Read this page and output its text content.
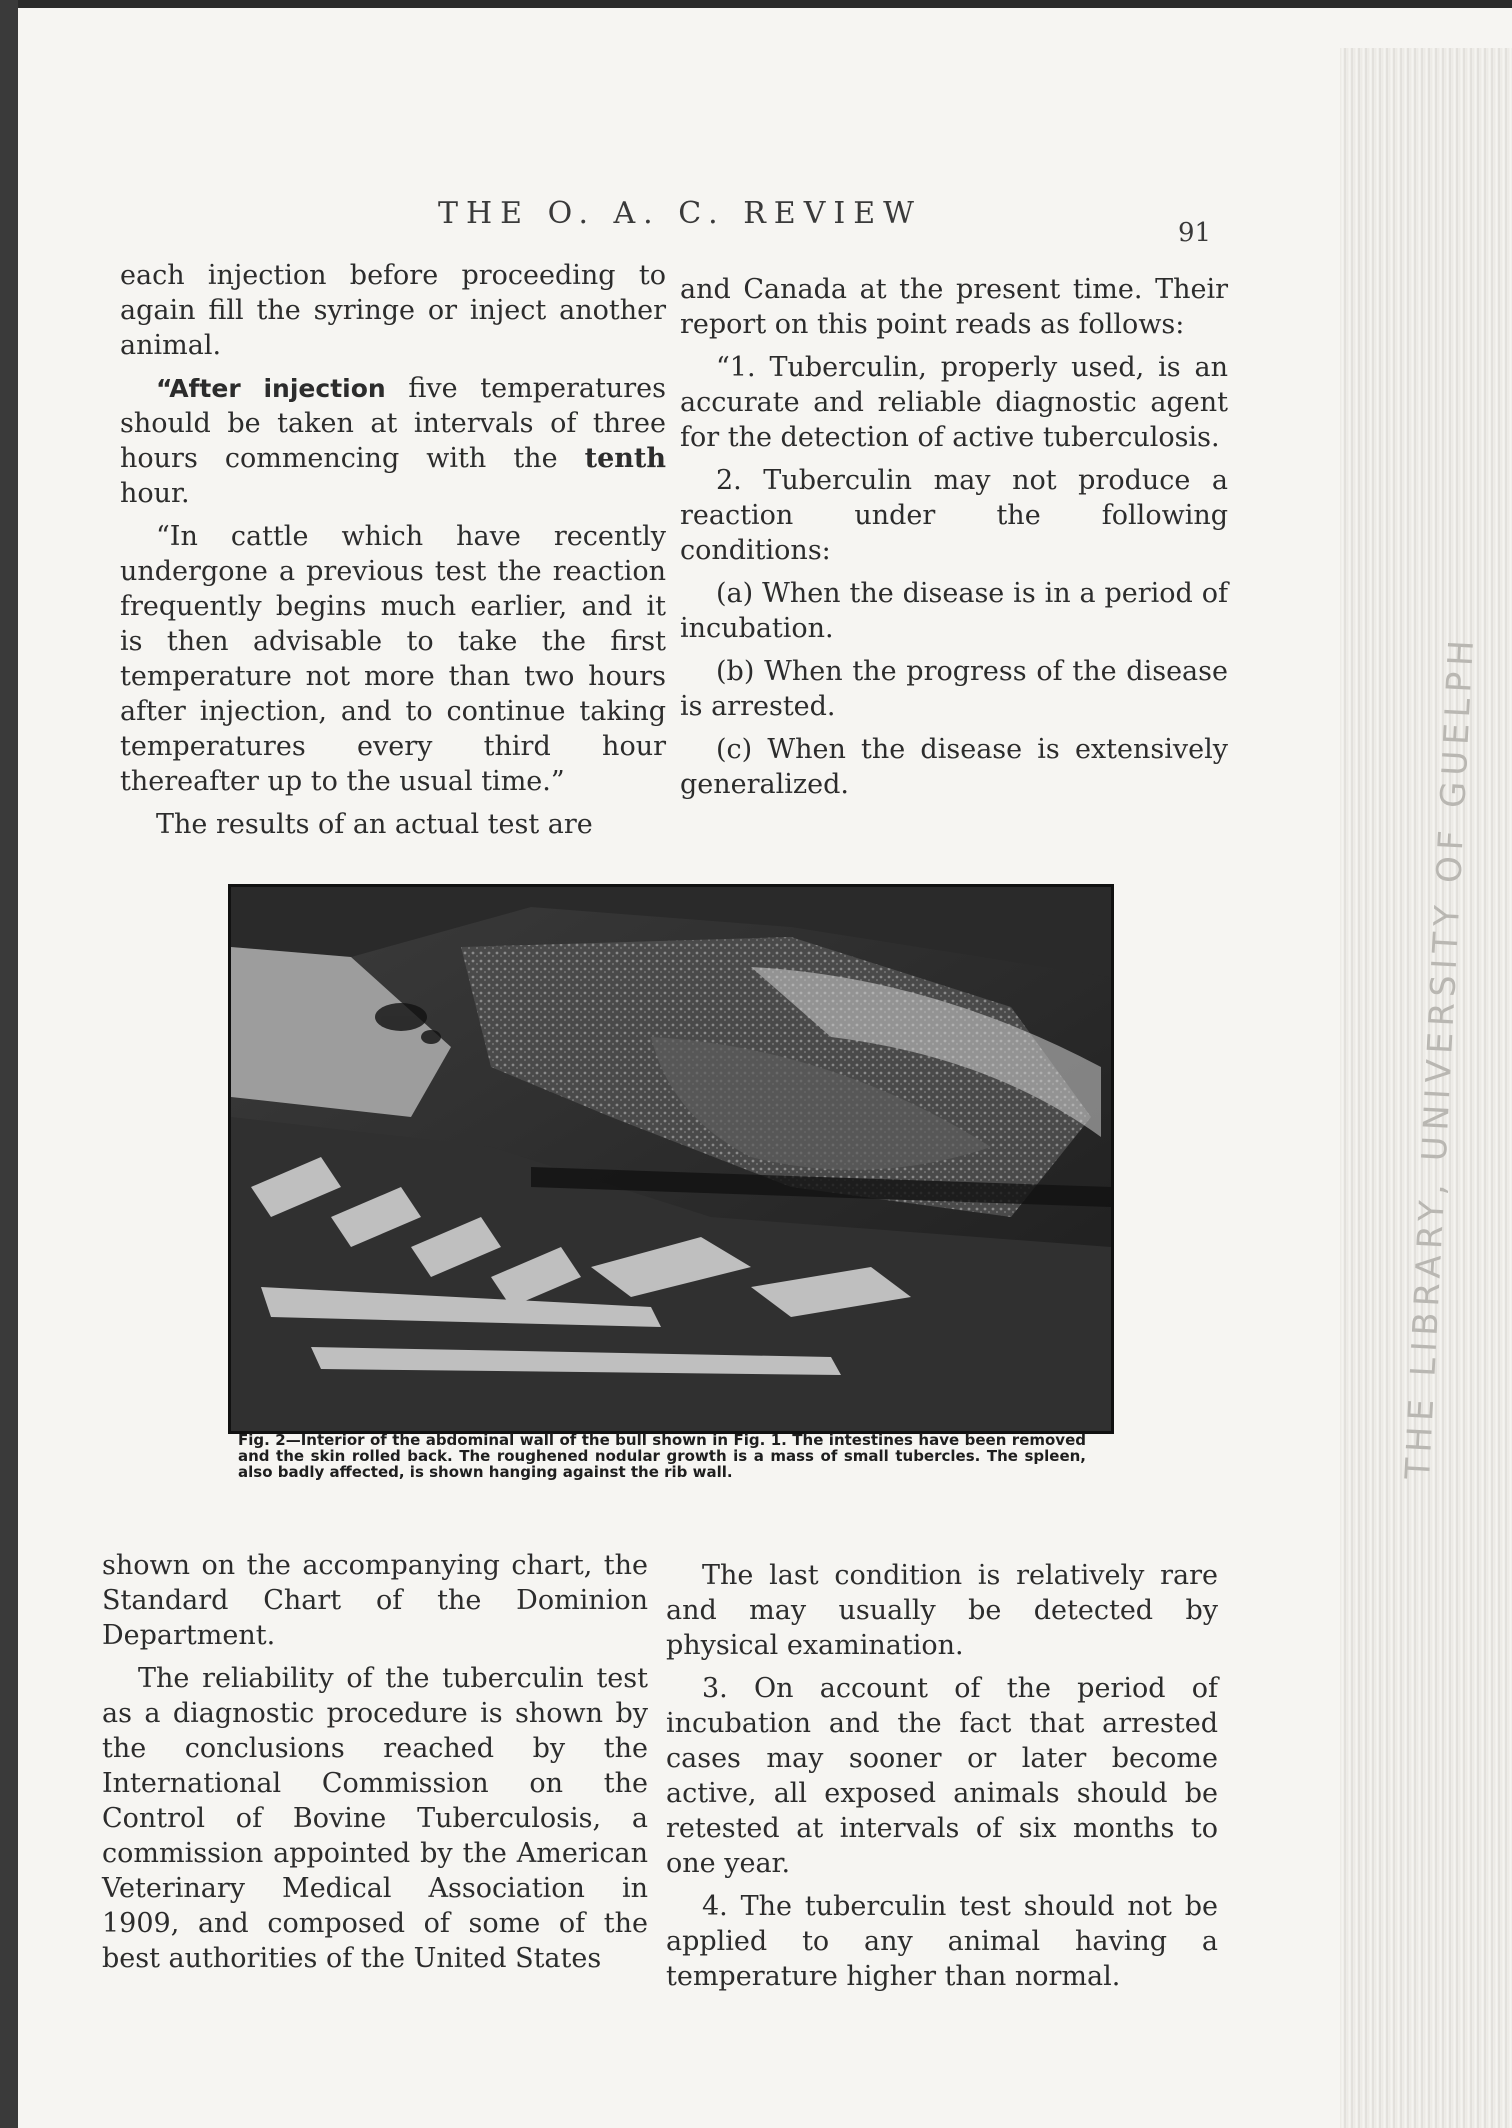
THE LIBRARY, UNIVERSITY OF GUELPH
THE O. A. C. REVIEW
91

each injection before proceeding to again fill the syringe or inject another animal.

“After injection five temperatures should be taken at intervals of three hours commencing with the tenth hour.

“In cattle which have recently undergone a previous test the reaction frequently begins much earlier, and it is then advisable to take the first temperature not more than two hours after injection, and to continue taking temperatures every third hour thereafter up to the usual time.”

The results of an actual test are

and Canada at the present time. Their report on this point reads as follows:

“1. Tuberculin, properly used, is an accurate and reliable diagnostic agent for the detection of active tuberculosis.

2. Tuberculin may not produce a reaction under the following conditions:

(a) When the disease is in a period of incubation.

(b) When the progress of the disease is arrested.

(c) When the disease is extensively generalized.

Fig. 2—Interior of the abdominal wall of the bull shown in Fig. 1. The intestines have been removed and the skin rolled back. The roughened nodular growth is a mass of small tubercles. The spleen, also badly affected, is shown hanging against the rib wall.

shown on the accompanying chart, the Standard Chart of the Dominion Department.

The reliability of the tuberculin test as a diagnostic procedure is shown by the conclusions reached by the International Commission on the Control of Bovine Tuberculosis, a commission appointed by the American Veterinary Medical Association in 1909, and composed of some of the best authorities of the United States

The last condition is relatively rare and may usually be detected by physical examination.

3. On account of the period of incubation and the fact that arrested cases may sooner or later become active, all exposed animals should be retested at intervals of six months to one year.

4. The tuberculin test should not be applied to any animal having a temperature higher than normal.
